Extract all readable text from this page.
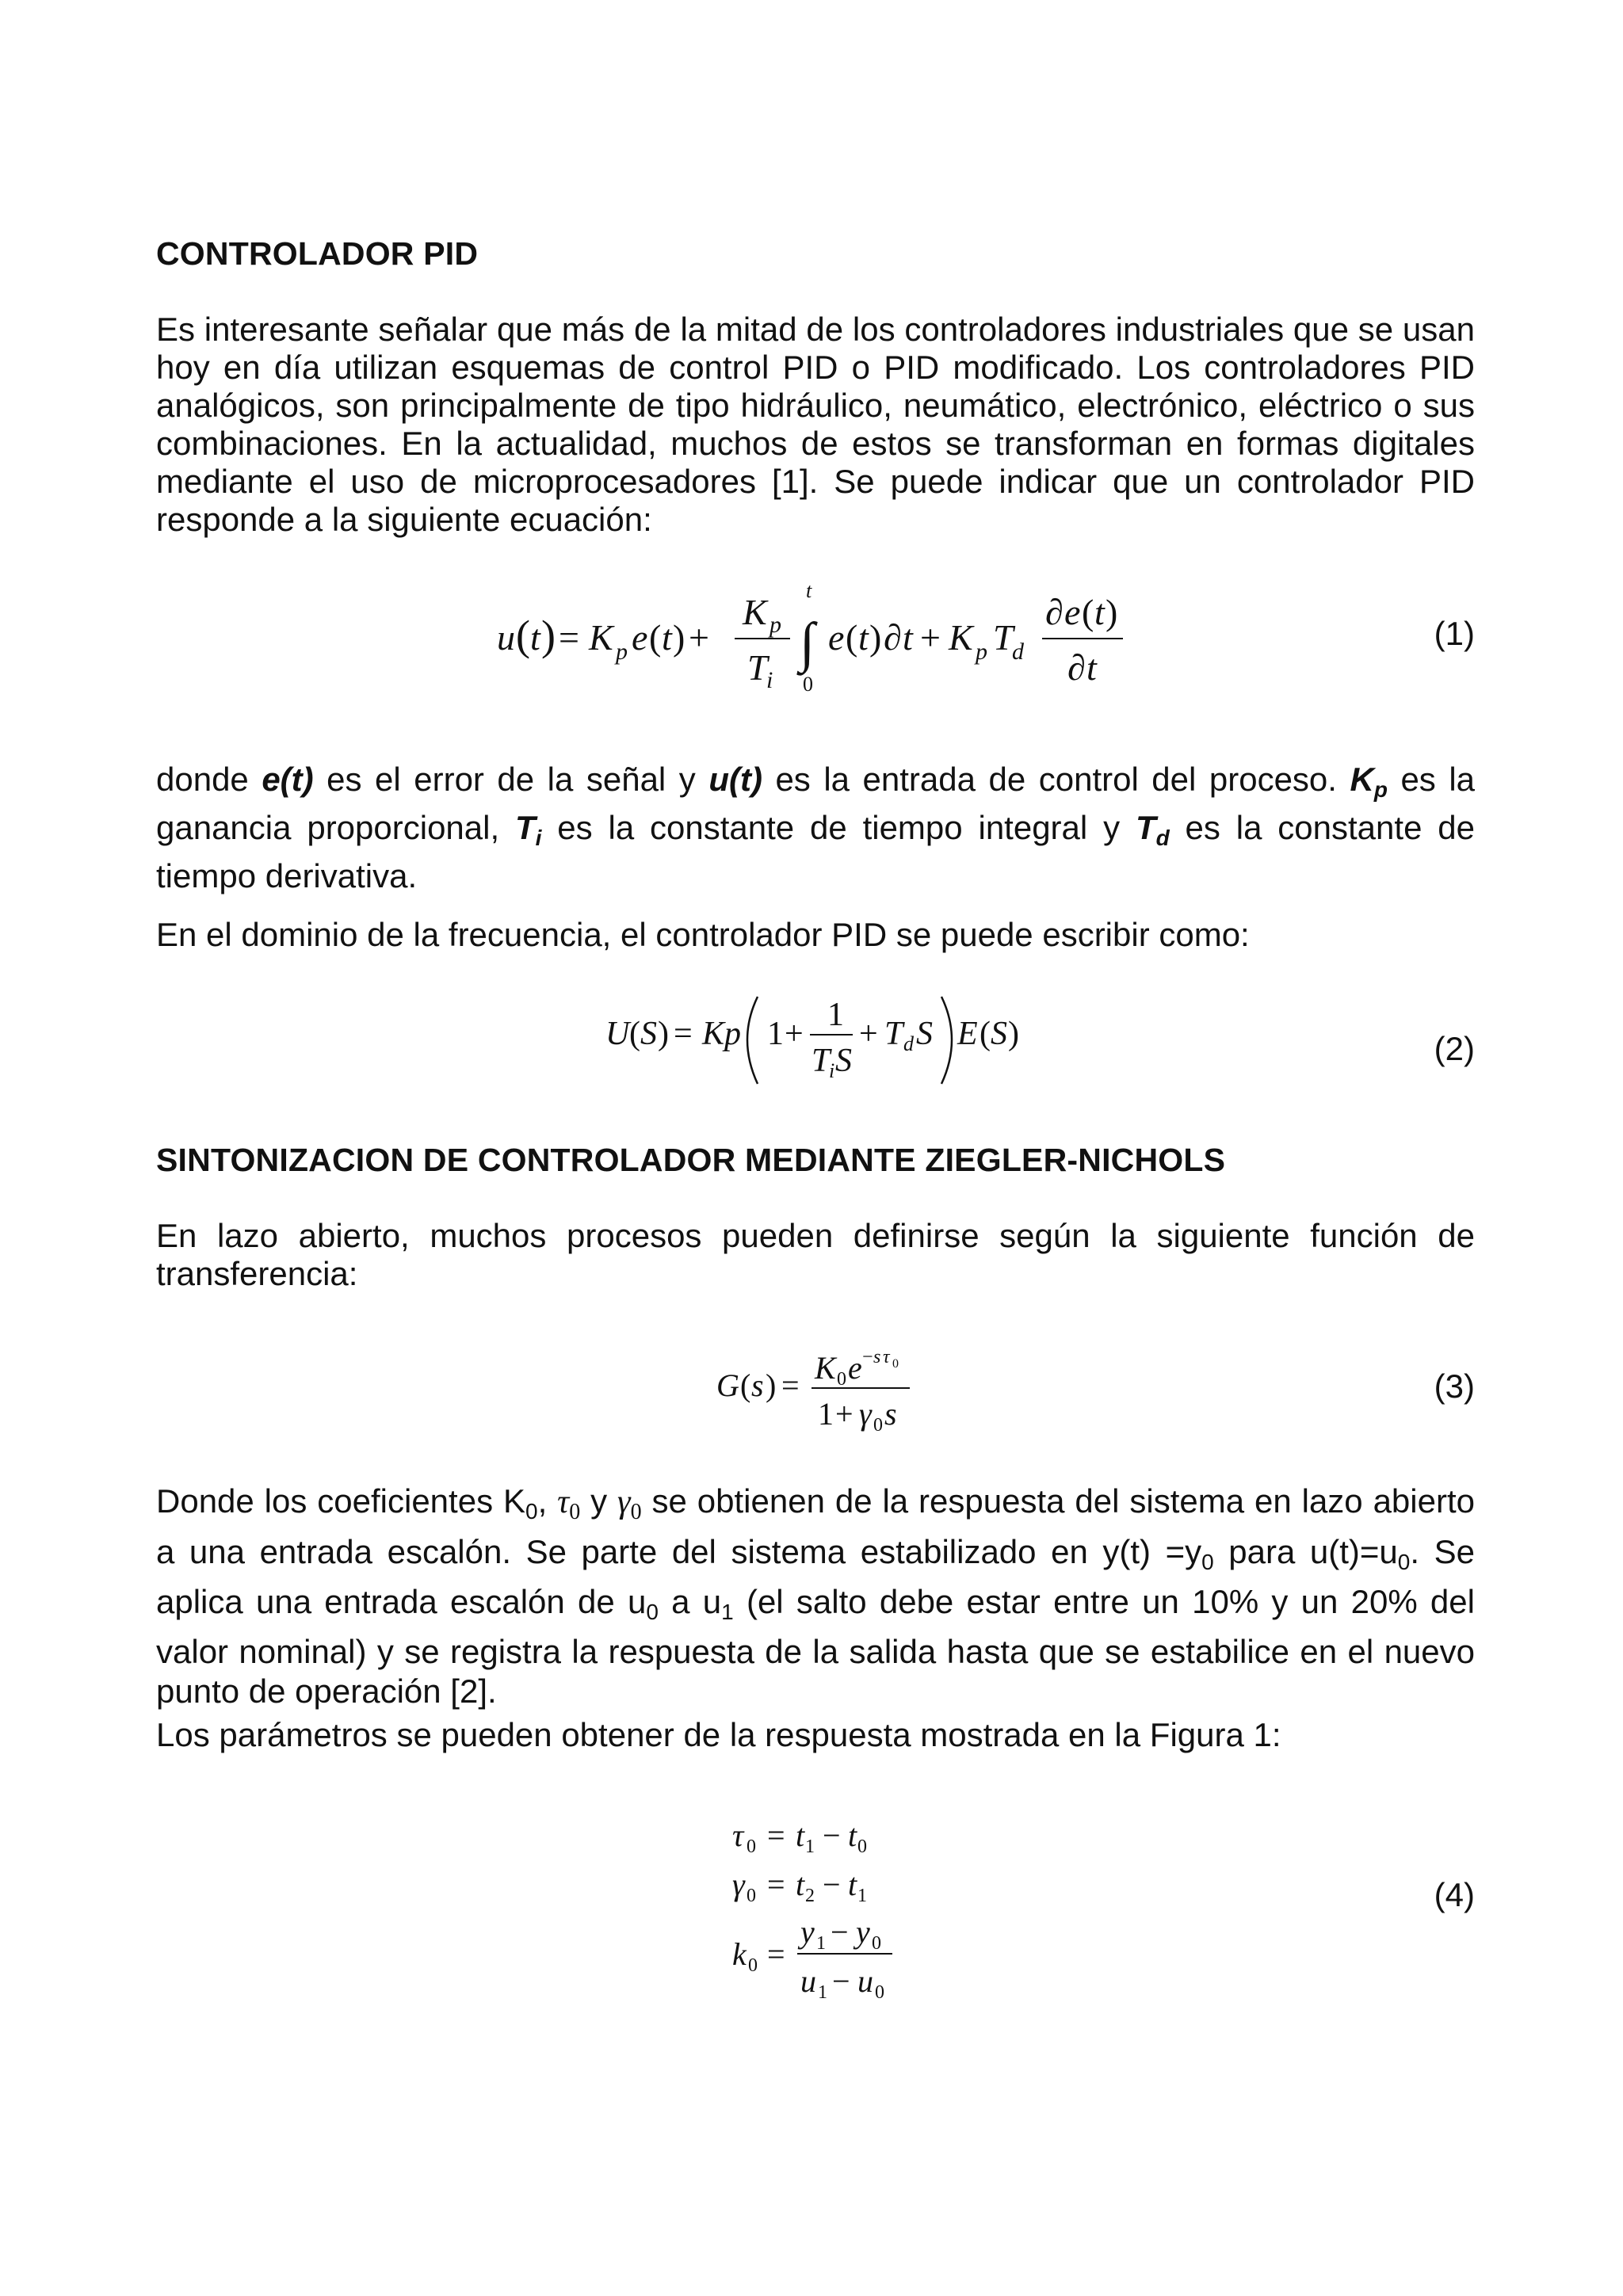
CONTROLADOR PID
Es interesante señalar que más de la mitad de los controladores industriales que se usan hoy en día utilizan esquemas de control PID o PID modificado. Los controladores PID analógicos, son principalmente de tipo hidráulico, neumático, electrónico, eléctrico o sus combinaciones. En la actualidad, muchos de estos se transforman en formas digitales mediante el uso de microprocesadores [1]. Se puede indicar que un controlador PID responde a la siguiente ecuación:
u ( t ) = K p e ( t ) +
K p
T
i
∫
t
0
e ( t ) ∂ t + K p T
d
∂ e ( t )
∂ t
(1)
donde e(t) es el error de la señal y u(t) es la entrada de control del proceso. $K_p$ es la ganancia proporcional, $T_i$ es la constante de tiempo integral y $T_d$ es la constante de tiempo derivativa.
En el dominio de la frecuencia, el controlador PID se puede escribir como:
U ( S ) = Kp 1 +
1
T
i S
+ T d S E ( S )	(2)
SINTONIZACION DE CONTROLADOR MEDIANTE ZIEGLER-NICHOLS
En lazo abierto, muchos procesos pueden definirse según la siguiente función de transferencia:
G ( s ) = K 0 e − s τ 0
1 + γ 0 s
(3)
Donde los coeficientes $K_0$, $\tau_0$ y $\gamma_0$ se obtienen de la respuesta del sistema en lazo abierto a una entrada escalón. Se parte del sistema estabilizado en $y(t) =y_0$ para $u(t)=u_0$. Se aplica una entrada escalón de $u_0$ a $u_1$ (el salto debe estar entre un 10% y un 20% del valor nominal) y se registra la respuesta de la salida hasta que se estabilice en el nuevo punto de operación [2].
Los parámetros se pueden obtener de la respuesta mostrada en la Figura 1:
τ 0 = t 1 − t 0
γ 0 = t 2 − t 1
k 0 =
y 1 − y 0
u 1 − u 0
(4)
